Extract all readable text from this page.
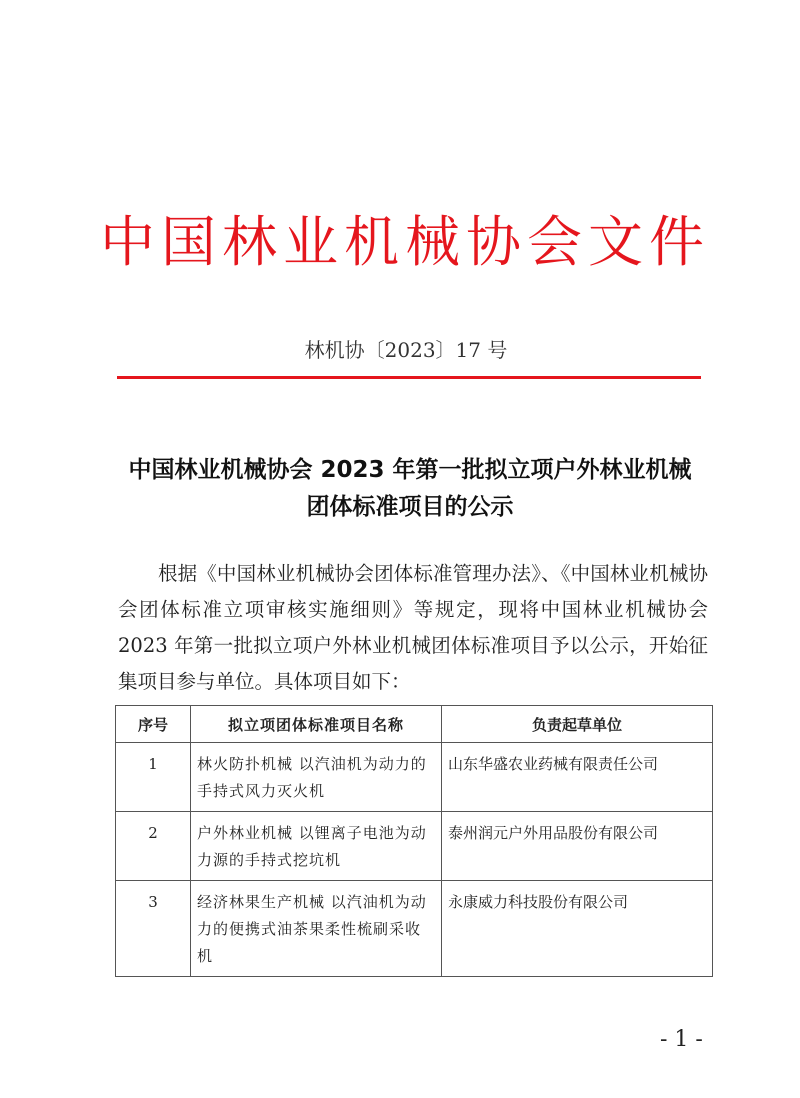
中国林业机械协会文件
林机协〔2023〕17 号
中国林业机械协会 2023 年第一批拟立项户外林业机械
团体标准项目的公示
根据《中国林业机械协会团体标准管理办法》、《中国林业机械协会团体标准立项审核实施细则》等规定，现将中国林业机械协会 2023 年第一批拟立项户外林业机械团体标准项目予以公示，开始征集项目参与单位。具体项目如下：
序号	拟立项团体标准项目名称	负责起草单位
1	林火防扑机械 以汽油机为动力的手持式风力灭火机	山东华盛农业药械有限责任公司
2	户外林业机械 以锂离子电池为动力源的手持式挖坑机	泰州润元户外用品股份有限公司
3	经济林果生产机械 以汽油机为动力的便携式油茶果柔性梳刷采收机	永康威力科技股份有限公司
- 1 -
